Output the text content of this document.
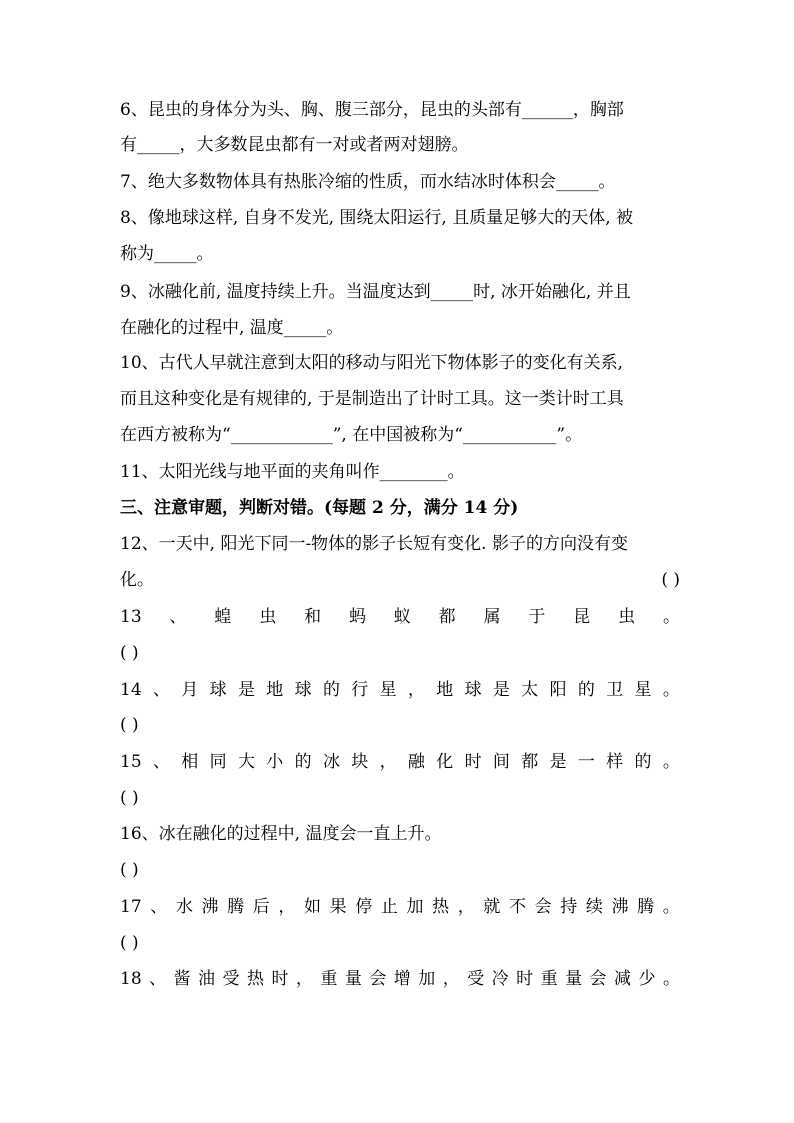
6、昆虫的身体分为头、胸、腹三部分，昆虫的头部有______，胸部
有_____，大多数昆虫都有一对或者两对翅膀。
7、绝大多数物体具有热胀冷缩的性质，而水结冰时体积会_____。
8、像地球这样, 自身不发光, 围绕太阳运行, 且质量足够大的天体, 被
称为_____。
9、冰融化前, 温度持续上升。当温度达到_____时, 冰开始融化, 并且
在融化的过程中, 温度_____。
10、古代人早就注意到太阳的移动与阳光下物体影子的变化有关系,
而且这种变化是有规律的, 于是制造出了计时工具。这一类计时工具
在西方被称为“____________”, 在中国被称为“___________”。
11、太阳光线与地平面的夹角叫作________。
三、注意审题，判断对错。(每题 2 分，满分 14 分)
12、一天中, 阳光下同一-物体的影子长短有变化. 影子的方向没有变
化。	( )
13 、 蝗 虫 和 蚂 蚁 都 属 于 昆 虫 。
( )
14 、 月 球 是 地 球 的 行 星 ， 地 球 是 太 阳 的 卫 星 。
( )
15 、 相 同 大 小 的 冰 块 ， 融 化 时 间 都 是 一 样 的 。
( )
16、冰在融化的过程中, 温度会一直上升。
( )
17 、 水 沸 腾 后 ， 如 果 停 止 加 热 ， 就 不 会 持 续 沸 腾 。
( )
18 、 酱 油 受 热 时 ， 重 量 会 增 加 ， 受 冷 时 重 量 会 减 少 。
